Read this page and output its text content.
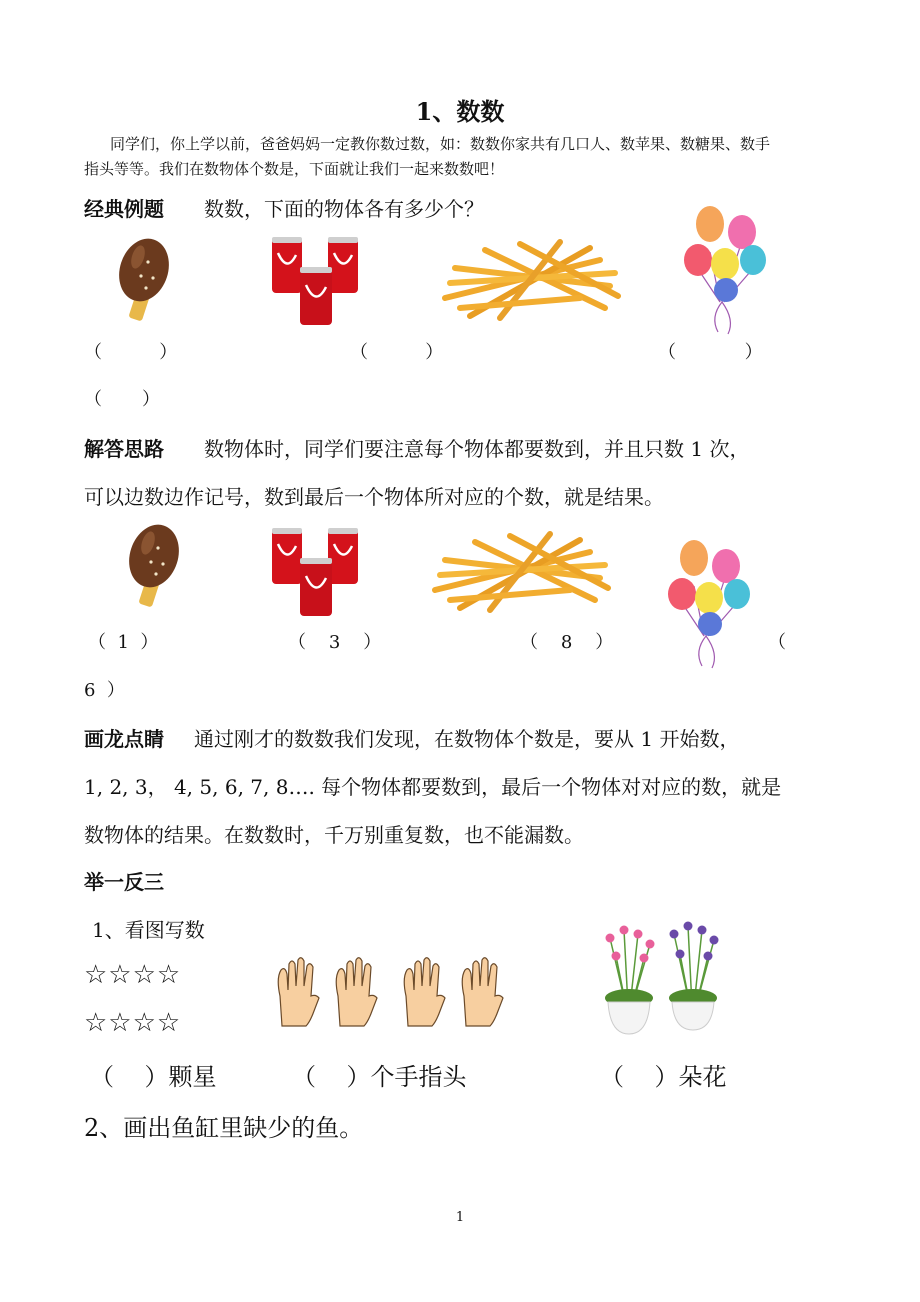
1、数数
同学们，你上学以前，爸爸妈妈一定教你数过数，如：数数你家共有几口人、数苹果、数糖果、数手指头等等。我们在数物体个数是，下面就让我们一起来数数吧！
经典例题 数数，下面的物体各有多少个？
（          ）	（          ）	（            ）
（       ）
解答思路 数物体时，同学们要注意每个物体都要数到，并且只数 1 次，
可以边数边作记号，数到最后一个物体所对应的个数，就是结果。
（  1  ）	（    3    ）	（    8    ）	（
6  ）
画龙点睛 通过刚才的数数我们发现，在数物体个数是，要从 1 开始数，
1, 2, 3， 4, 5, 6, 7, 8…. 每个物体都要数到，最后一个物体对对应的数，就是
数物体的结果。在数数时，千万别重复数，也不能漏数。
举一反三
1、看图写数
☆☆☆☆
☆☆☆☆
（    ）颗星	（    ）个手指头	（    ）朵花
2、画出鱼缸里缺少的鱼。
1
